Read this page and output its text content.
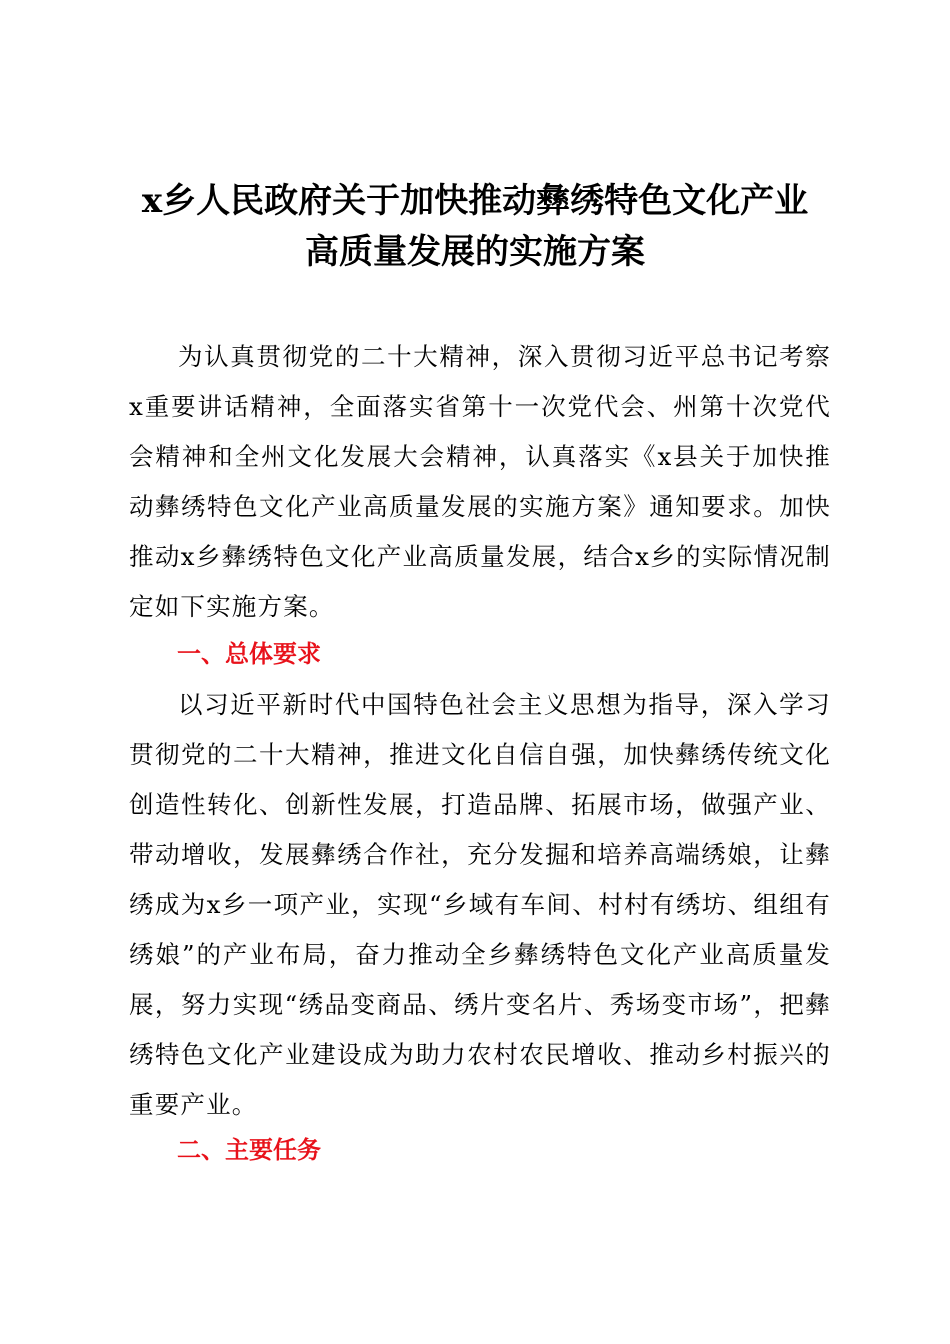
x乡人民政府关于加快推动彝绣特色文化产业
高质量发展的实施方案
为认真贯彻党的二十大精神，深入贯彻习近平总书记考察x重要讲话精神，全面落实省第十一次党代会、州第十次党代会精神和全州文化发展大会精神，认真落实《x县关于加快推动彝绣特色文化产业高质量发展的实施方案》通知要求。加快推动x乡彝绣特色文化产业高质量发展，结合x乡的实际情况制定如下实施方案。
一、总体要求
以习近平新时代中国特色社会主义思想为指导，深入学习贯彻党的二十大精神，推进文化自信自强，加快彝绣传统文化创造性转化、创新性发展，打造品牌、拓展市场，做强产业、带动增收，发展彝绣合作社，充分发掘和培养高端绣娘，让彝绣成为x乡一项产业，实现“乡域有车间、村村有绣坊、组组有绣娘”的产业布局，奋力推动全乡彝绣特色文化产业高质量发展，努力实现“绣品变商品、绣片变名片、秀场变市场”，把彝绣特色文化产业建设成为助力农村农民增收、推动乡村振兴的重要产业。
二、主要任务
